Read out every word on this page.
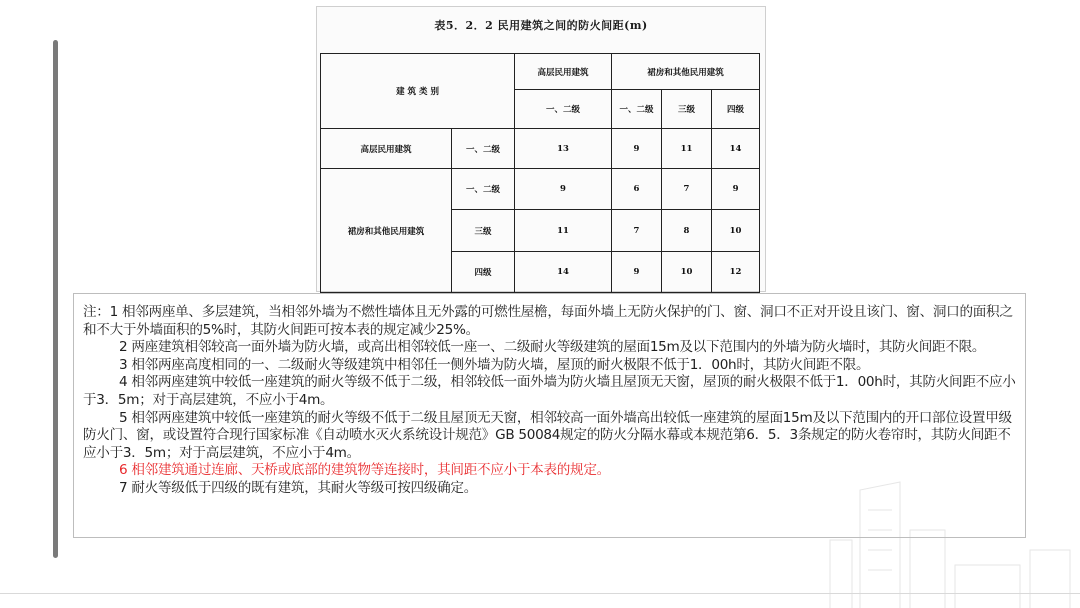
表5．2．2 民用建筑之间的防火间距(m)
建 筑 类 别		高层民用建筑	裙房和其他民用建筑		
		一、二级	一、二级	三级	四级
高层民用建筑	一、二级	13	9	11	14
裙房和其他民用建筑	一、二级	9	6	7	9
	三级	11	7	8	10
	四级	14	9	10	12

注：1 相邻两座单、多层建筑，当相邻外墙为不燃性墙体且无外露的可燃性屋檐，每面外墙上无防火保护的门、窗、洞口不正对开设且该门、窗、洞口的面积之和不大于外墙面积的5%时，其防火间距可按本表的规定减少25%。

2 两座建筑相邻较高一面外墙为防火墙，或高出相邻较低一座一、二级耐火等级建筑的屋面15m及以下范围内的外墙为防火墙时，其防火间距不限。

3 相邻两座高度相同的一、二级耐火等级建筑中相邻任一侧外墙为防火墙，屋顶的耐火极限不低于1．00h时，其防火间距不限。

4 相邻两座建筑中较低一座建筑的耐火等级不低于二级，相邻较低一面外墙为防火墙且屋顶无天窗，屋顶的耐火极限不低于1．00h时，其防火间距不应小于3．5m；对于高层建筑，不应小于4m。

5 相邻两座建筑中较低一座建筑的耐火等级不低于二级且屋顶无天窗，相邻较高一面外墙高出较低一座建筑的屋面15m及以下范围内的开口部位设置甲级防火门、窗，或设置符合现行国家标准《自动喷水灭火系统设计规范》GB 50084规定的防火分隔水幕或本规范第6．5．3条规定的防火卷帘时，其防火间距不应小于3．5m；对于高层建筑，不应小于4m。

6 相邻建筑通过连廊、天桥或底部的建筑物等连接时，其间距不应小于本表的规定。

7 耐火等级低于四级的既有建筑，其耐火等级可按四级确定。
